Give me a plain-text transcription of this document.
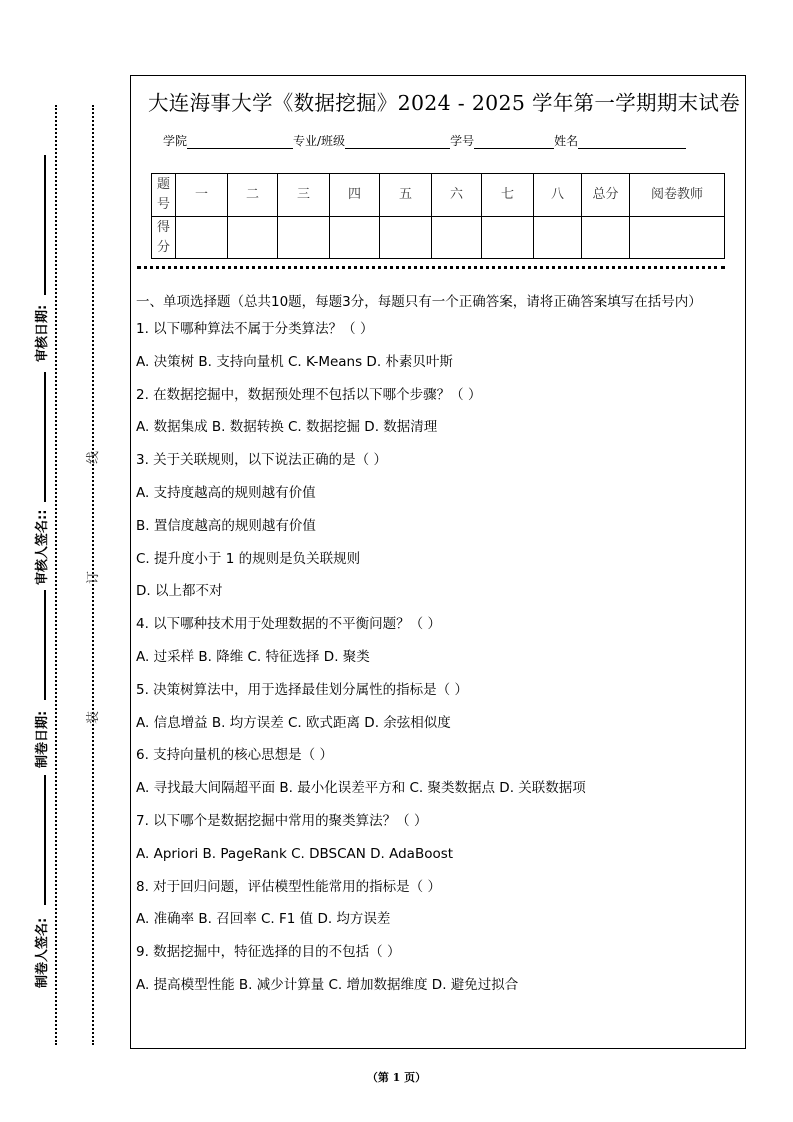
大连海事大学《数据挖掘》2024 - 2025 学年第一学期期末试卷
学院	专业/班级	学号	姓名
题号	一	二	三	四	五	六	七	八	总分	阅卷教师
得分										
一、单项选择题（总共10题，每题3分，每题只有一个正确答案，请将正确答案填写在括号内）
1. 以下哪种算法不属于分类算法？（ ）
A. 决策树 B. 支持向量机 C. K-Means D. 朴素贝叶斯
2. 在数据挖掘中，数据预处理不包括以下哪个步骤？（ ）
A. 数据集成 B. 数据转换 C. 数据挖掘 D. 数据清理
3. 关于关联规则，以下说法正确的是（ ）
A. 支持度越高的规则越有价值
B. 置信度越高的规则越有价值
C. 提升度小于 1 的规则是负关联规则
D. 以上都不对
4. 以下哪种技术用于处理数据的不平衡问题？（ ）
A. 过采样 B. 降维 C. 特征选择 D. 聚类
5. 决策树算法中，用于选择最佳划分属性的指标是（ ）
A. 信息增益 B. 均方误差 C. 欧式距离 D. 余弦相似度
6. 支持向量机的核心思想是（ ）
A. 寻找最大间隔超平面 B. 最小化误差平方和 C. 聚类数据点 D. 关联数据项
7. 以下哪个是数据挖掘中常用的聚类算法？（ ）
A. Apriori B. PageRank C. DBSCAN D. AdaBoost
8. 对于回归问题，评估模型性能常用的指标是（ ）
A. 准确率 B. 召回率 C. F1 值 D. 均方误差
9. 数据挖掘中，特征选择的目的不包括（ ）
A. 提高模型性能 B. 减少计算量 C. 增加数据维度 D. 避免过拟合
审核日期:
审核人签名::
制卷日期:
制卷人签名:
线
订
装
（第 1 页）
